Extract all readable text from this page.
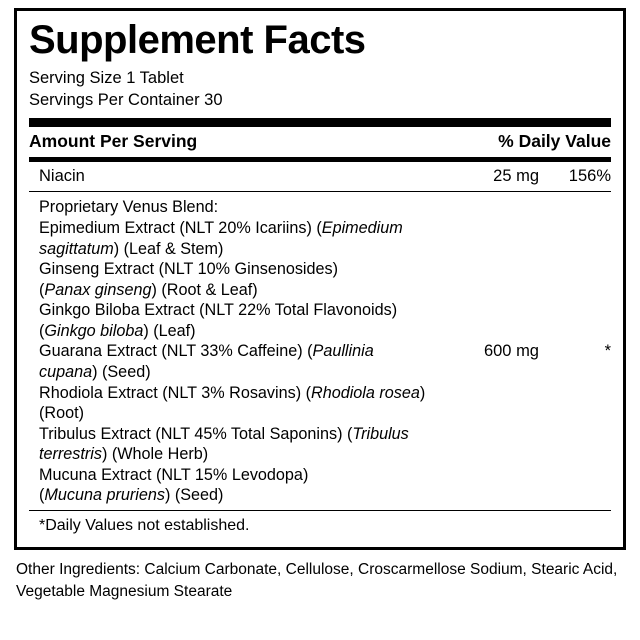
Supplement Facts
Serving Size 1 Tablet
Servings Per Container 30
Amount Per Serving	% Daily Value
Niacin	25 mg	156%
Proprietary Venus Blend:
Epimedium Extract (NLT 20% Icariins) (Epimedium
sagittatum) (Leaf & Stem)
Ginseng Extract (NLT 10% Ginsenosides)
(Panax ginseng) (Root & Leaf)
Ginkgo Biloba Extract (NLT 22% Total Flavonoids)
(Ginkgo biloba) (Leaf)
Guarana Extract (NLT 33% Caffeine) (Paullinia
cupana) (Seed)
Rhodiola Extract (NLT 3% Rosavins) (Rhodiola rosea)
(Root)
Tribulus Extract (NLT 45% Total Saponins) (Tribulus
terrestris) (Whole Herb)
Mucuna Extract (NLT 15% Levodopa)
(Mucuna pruriens) (Seed)
600 mg	*
*Daily Values not established.
Other Ingredients: Calcium Carbonate, Cellulose, Croscarmellose Sodium, Stearic Acid, Vegetable Magnesium Stearate
